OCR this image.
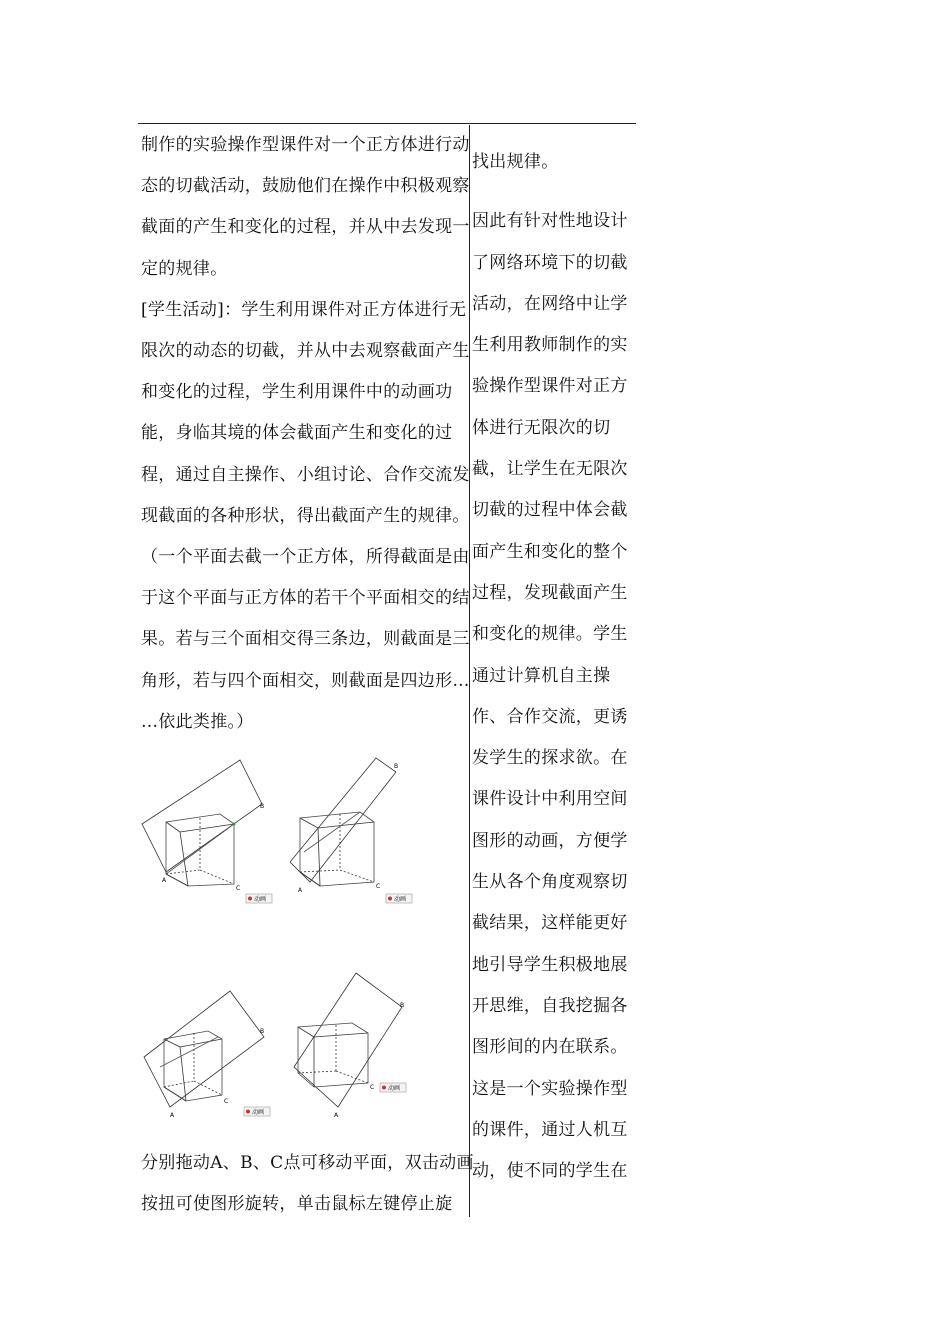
制作的实验操作型课件对一个正方体进行动
态的切截活动，鼓励他们在操作中积极观察
截面的产生和变化的过程，并从中去发现一
定的规律。
[学生活动]：学生利用课件对正方体进行无
限次的动态的切截，并从中去观察截面产生
和变化的过程，学生利用课件中的动画功
能，身临其境的体会截面产生和变化的过
程，通过自主操作、小组讨论、合作交流发
现截面的各种形状，得出截面产生的规律。
（一个平面去截一个正方体，所得截面是由
于这个平面与正方体的若干个平面相交的结
果。若与三个面相交得三条边，则截面是三
角形，若与四个面相交，则截面是四边形…
…依此类推。）
A
B
C
动画
A
B
C
动画
A
B
C
动画	A
B
C 动画
分别拖动A、B、C点可移动平面，双击动画
按扭可使图形旋转，单击鼠标左键停止旋
找出规律。
因此有针对性地设计
了网络环境下的切截
活动，在网络中让学
生利用教师制作的实
验操作型课件对正方
体进行无限次的切
截，让学生在无限次
切截的过程中体会截
面产生和变化的整个
过程，发现截面产生
和变化的规律。学生
通过计算机自主操
作、合作交流，更诱
发学生的探求欲。在
课件设计中利用空间
图形的动画，方便学
生从各个角度观察切
截结果，这样能更好
地引导学生积极地展
开思维，自我挖掘各
图形间的内在联系。
这是一个实验操作型
的课件，通过人机互
动，使不同的学生在
